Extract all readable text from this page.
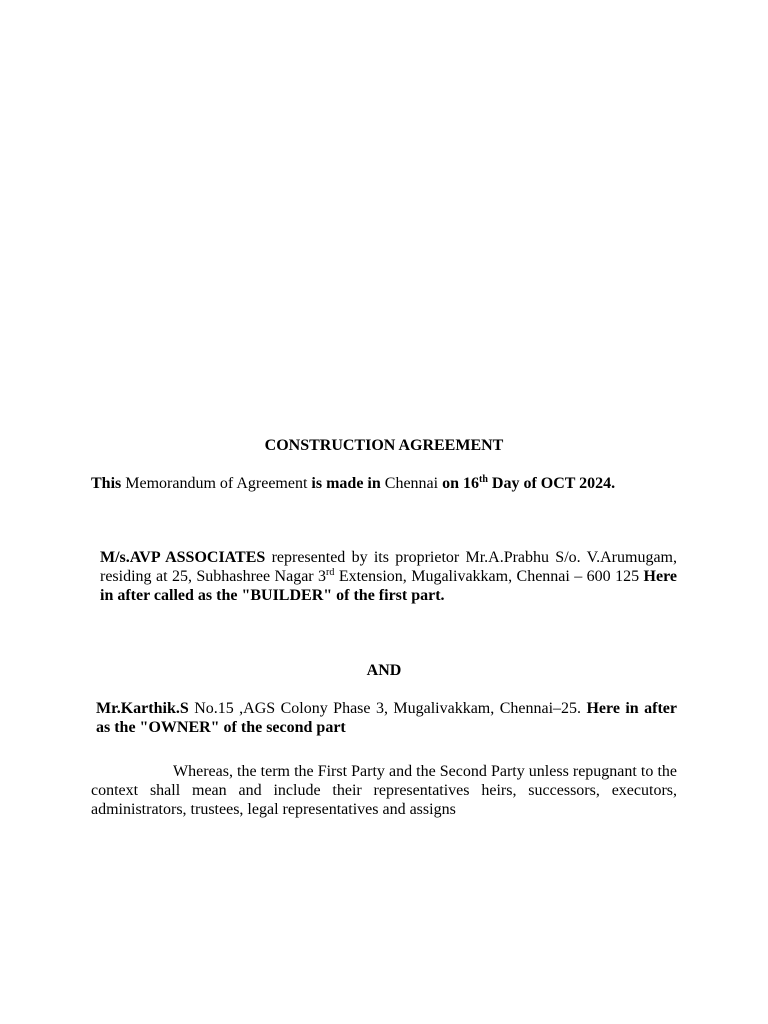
CONSTRUCTION AGREEMENT
This Memorandum of Agreement is made in Chennai on 16th Day of OCT 2024.
M/s.AVP ASSOCIATES represented by its proprietor Mr.A.Prabhu S/o. V.Arumugam, residing at 25, Subhashree Nagar 3rd Extension, Mugalivakkam, Chennai – 600 125 Here in after called as the "BUILDER" of the first part.
AND
Mr.Karthik.S No.15 ,AGS Colony Phase 3, Mugalivakkam, Chennai–25. Here in after as the "OWNER" of the second part
Whereas, the term the First Party and the Second Party unless repugnant to the context shall mean and include their representatives heirs, successors, executors, administrators, trustees, legal representatives and assigns
